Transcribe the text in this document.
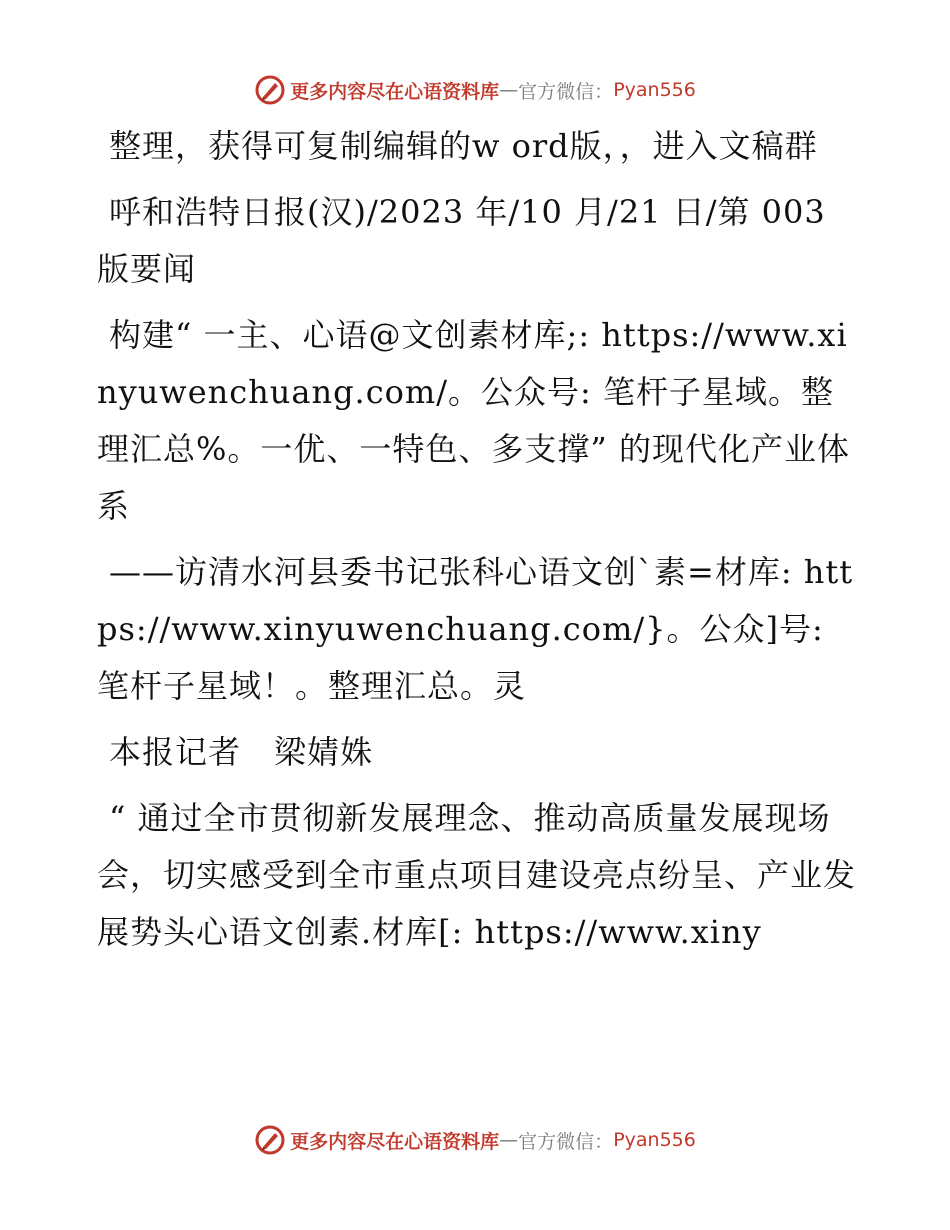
更多内容尽在心语资料库 — 官方微信： Pyan556

整理，获得可复制编辑的w ord版，，进入文稿群

呼和浩特日报(汉)/2023 年/10 月/21 日/第 003 版要闻

构建“ 一主、心语@文创素材库;: https://www.xinyuwenchuang.com/。公众号: 笔杆子星域。整理汇总%。一优、一特色、多支撑” 的现代化产业体系

——访清水河县委书记张科心语文创`素=材库: https://www.xinyuwenchuang.com/}。公众]号: 笔杆子星域！。整理汇总。灵

本报记者　梁婧姝

“ 通过全市贯彻新发展理念、推动高质量发展现场会，切实感受到全市重点项目建设亮点纷呈、产业发展势头心语文创素.材库[: https://www.xiny

更多内容尽在心语资料库 — 官方微信： Pyan556
